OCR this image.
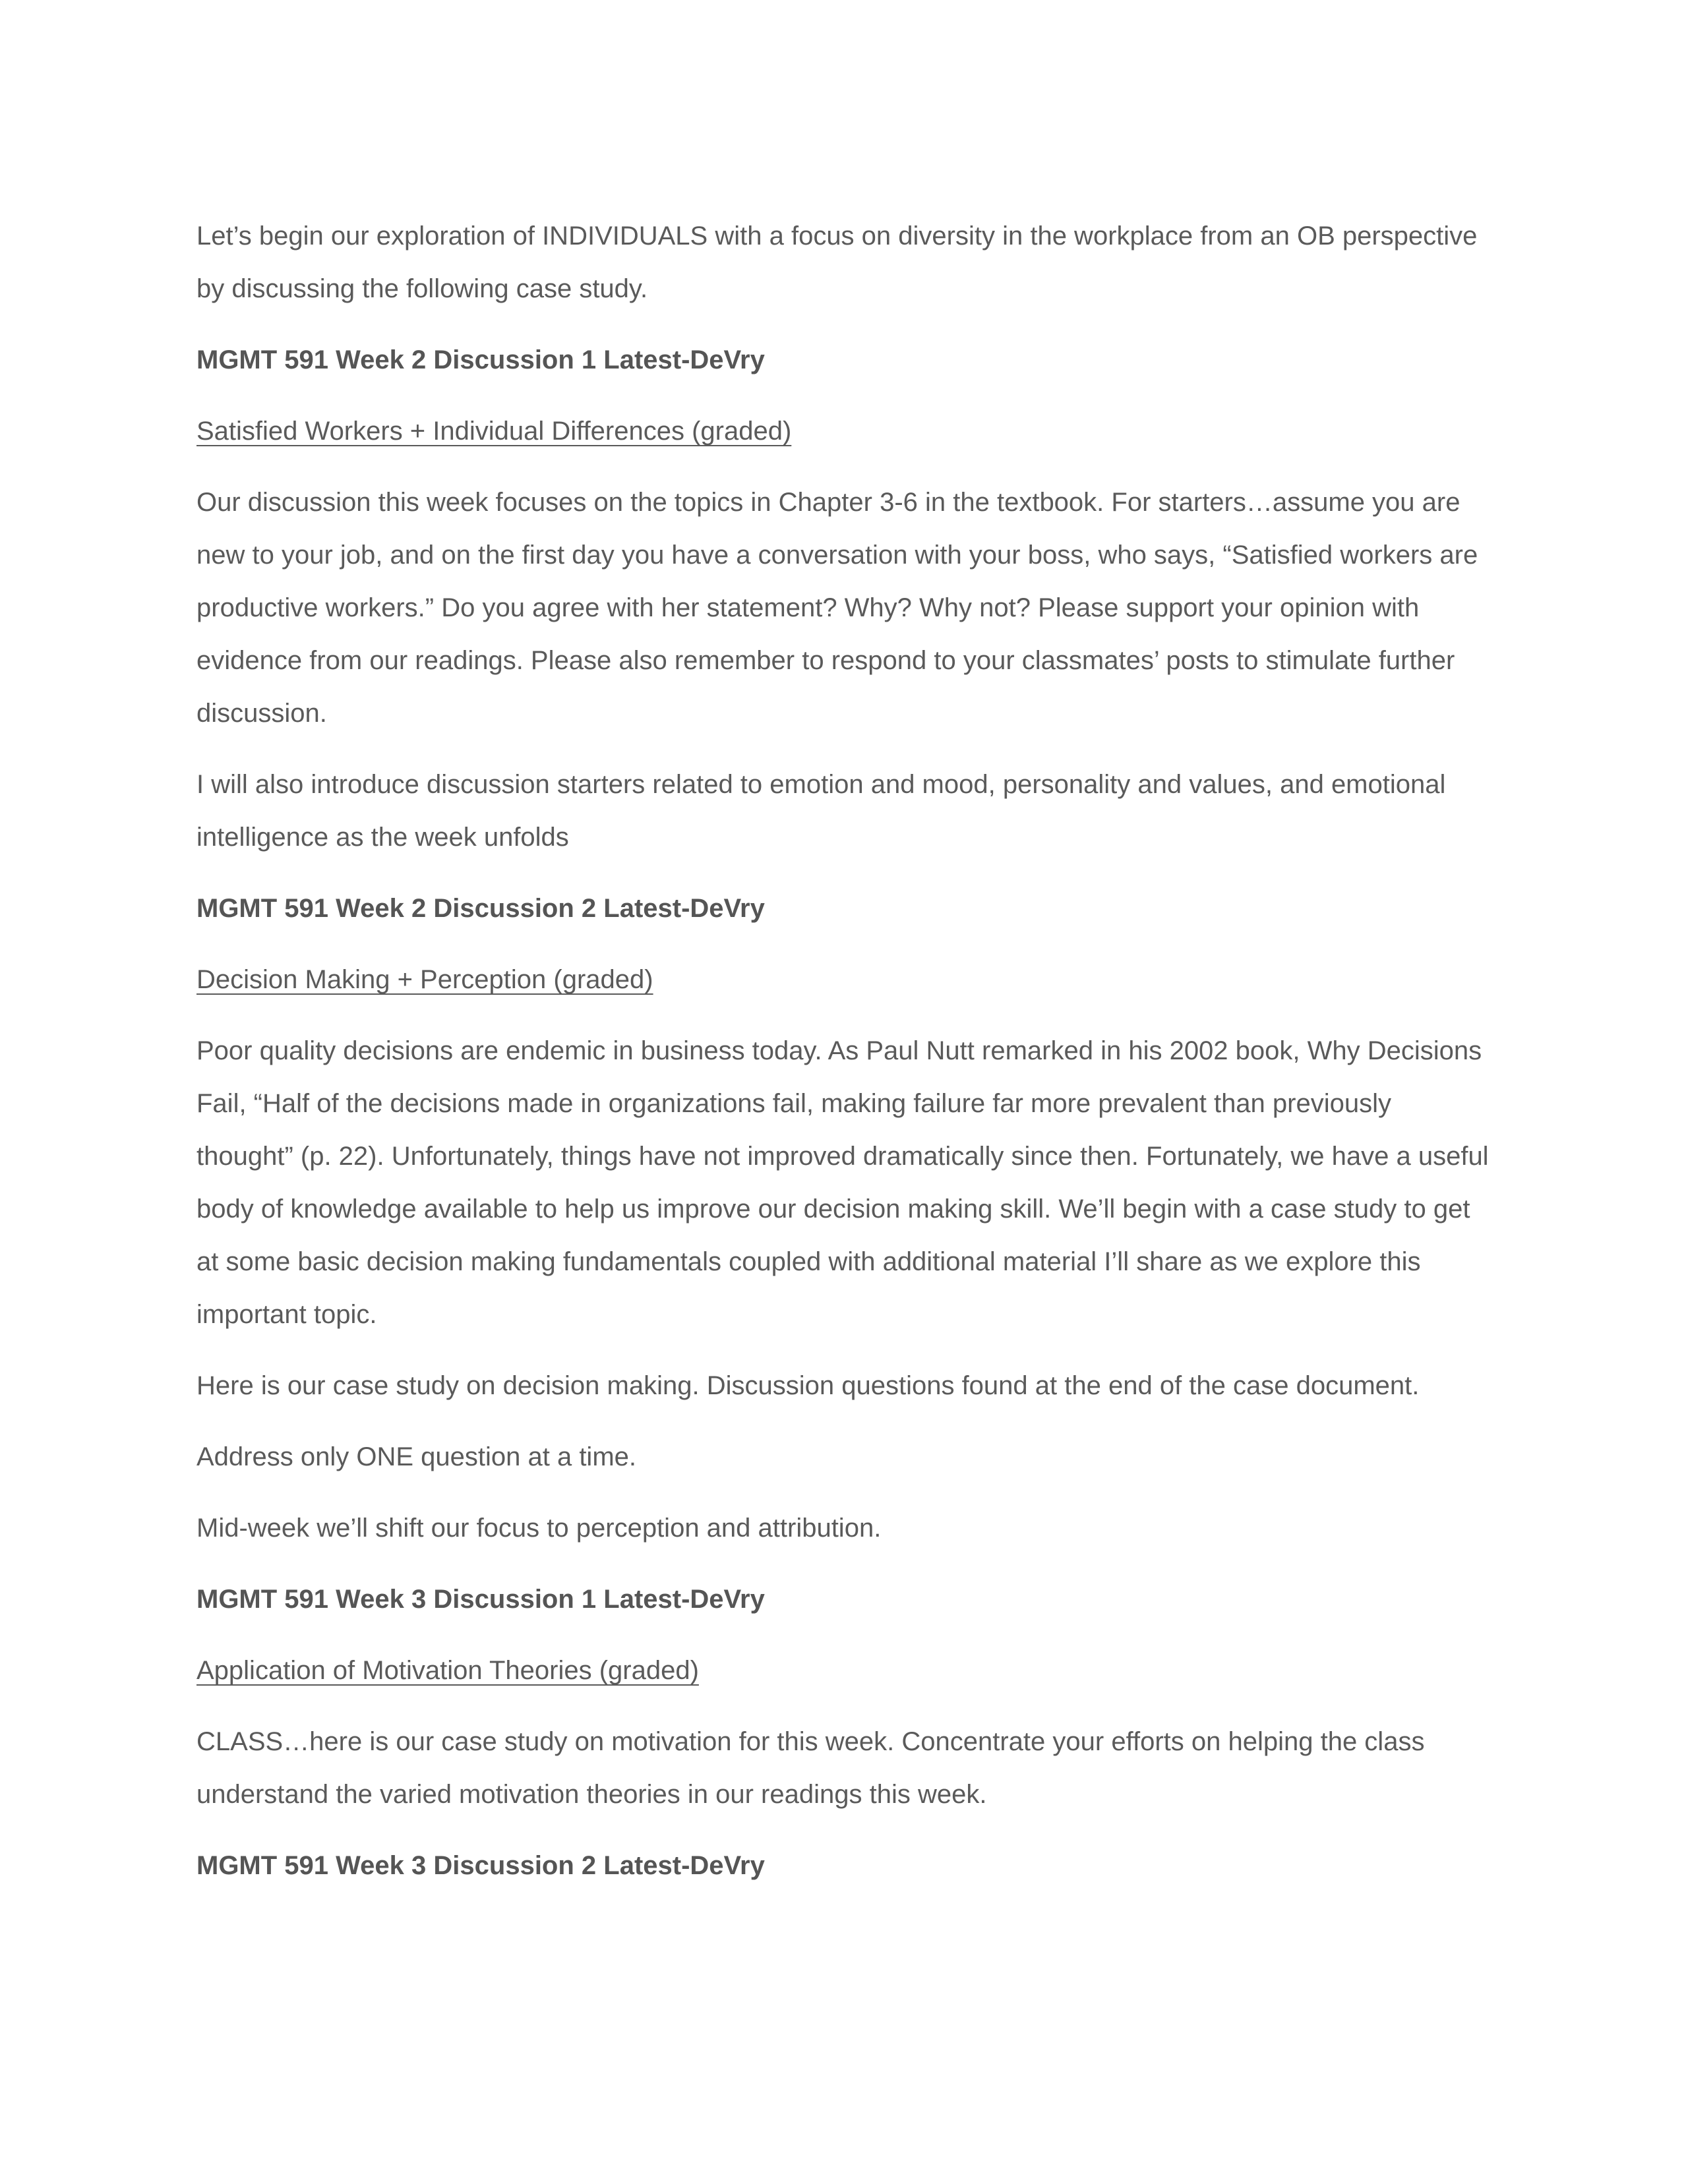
Let’s begin our exploration of INDIVIDUALS with a focus on diversity in the workplace from an OB perspective by discussing the following case study.

MGMT 591 Week 2 Discussion 1 Latest-DeVry

Satisfied Workers + Individual Differences (graded)

Our discussion this week focuses on the topics in Chapter 3-6 in the textbook. For starters…assume you are new to your job, and on the first day you have a conversation with your boss, who says, “Satisfied workers are productive workers.” Do you agree with her statement? Why? Why not? Please support your opinion with evidence from our readings. Please also remember to respond to your classmates’ posts to stimulate further discussion.

I will also introduce discussion starters related to emotion and mood, personality and values, and emotional intelligence as the week unfolds

MGMT 591 Week 2 Discussion 2 Latest-DeVry

Decision Making + Perception (graded)

Poor quality decisions are endemic in business today. As Paul Nutt remarked in his 2002 book, Why Decisions Fail, “Half of the decisions made in organizations fail, making failure far more prevalent than previously thought” (p. 22). Unfortunately, things have not improved dramatically since then. Fortunately, we have a useful body of knowledge available to help us improve our decision making skill. We’ll begin with a case study to get at some basic decision making fundamentals coupled with additional material I’ll share as we explore this important topic.

Here is our case study on decision making. Discussion questions found at the end of the case document.

Address only ONE question at a time.

Mid-week we’ll shift our focus to perception and attribution.

MGMT 591 Week 3 Discussion 1 Latest-DeVry

Application of Motivation Theories (graded)

CLASS…here is our case study on motivation for this week. Concentrate your efforts on helping the class understand the varied motivation theories in our readings this week.

MGMT 591 Week 3 Discussion 2 Latest-DeVry
